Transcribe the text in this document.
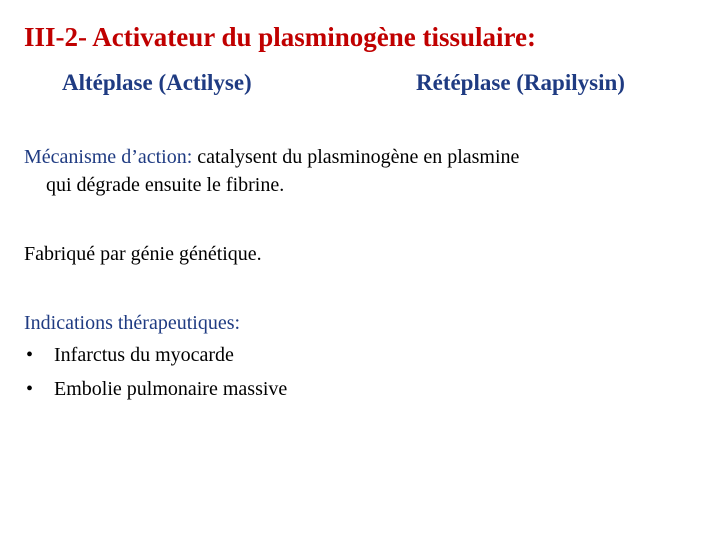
III-2- Activateur du plasminogène tissulaire:
Altéplase (Actilyse)	Rétéplase (Rapilysin)
Mécanisme d’action: catalysent du plasminogène en plasmine
qui dégrade ensuite le fibrine.
Fabriqué par génie génétique.
Indications thérapeutiques:
• Infarctus du myocarde
• Embolie pulmonaire massive
